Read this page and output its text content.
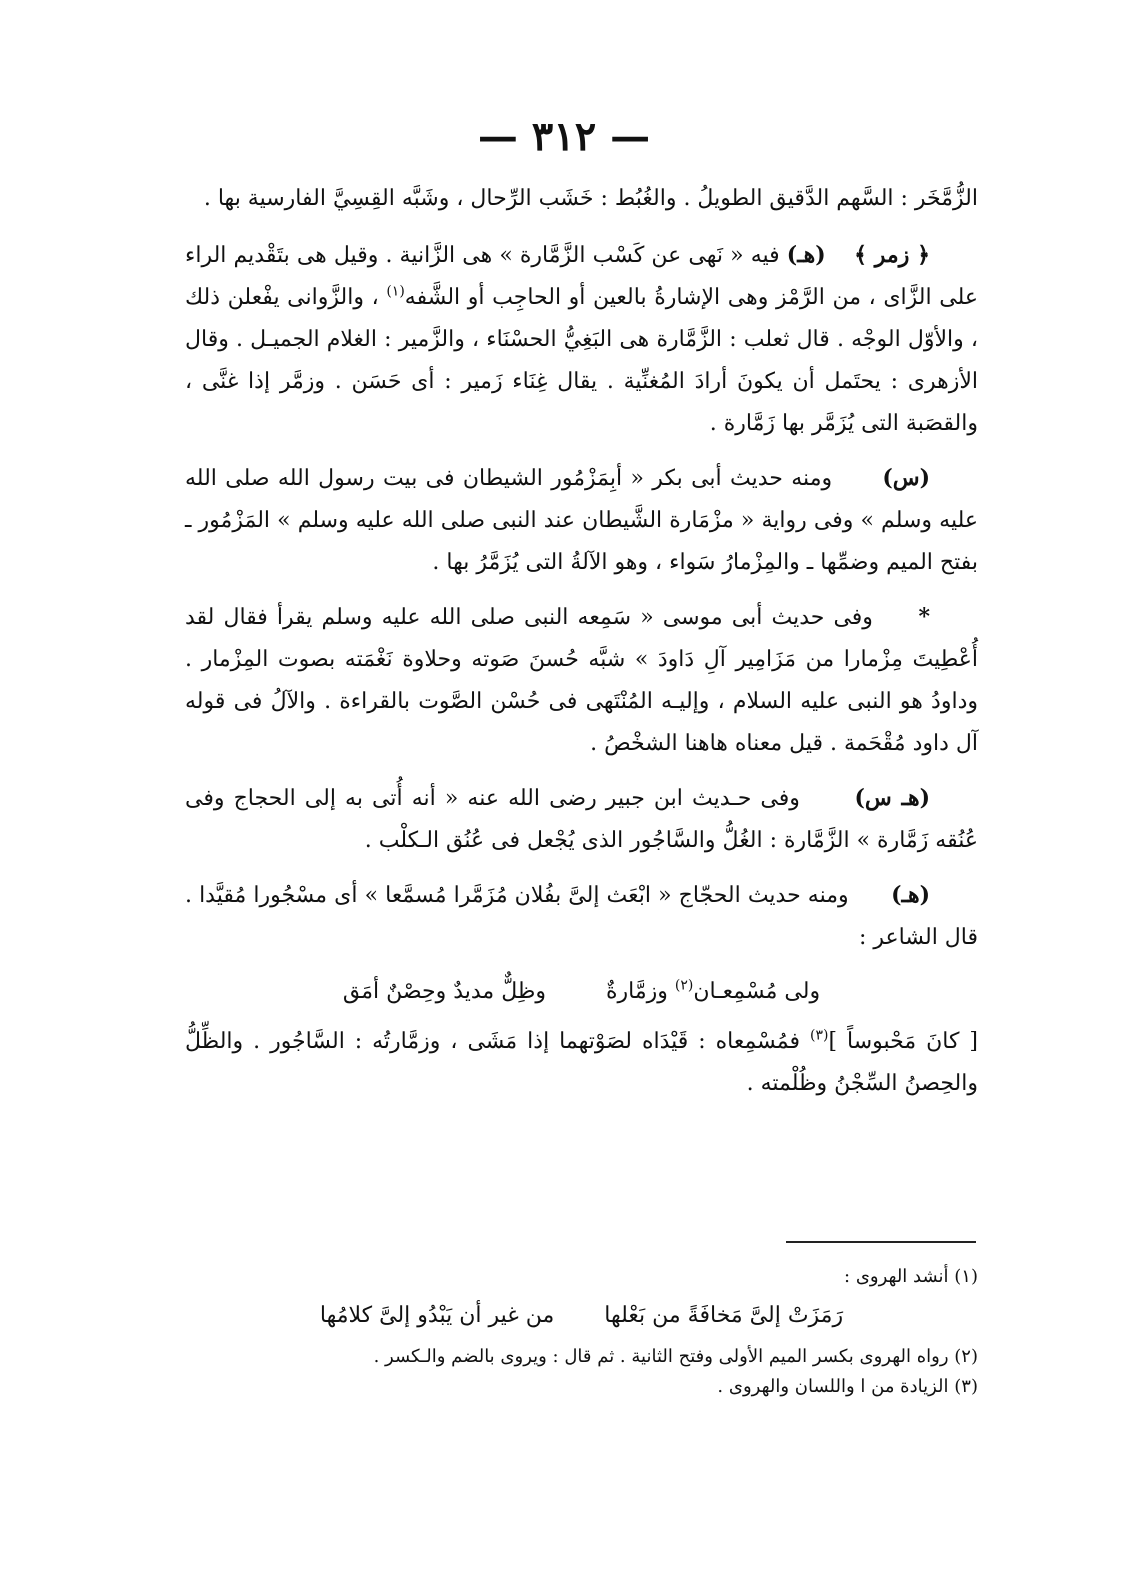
— ٣١٢ —

الزُّمَّخَر : السَّهم الدَّقيق الطويلُ . والغُبُط : خَشَب الرِّحال ، وشَبَّه القِسِيَّ الفارسية بها .

﴿ زمر ﴾    (هـ) فيه « نَهى عن كَسْب الزَّمَّارة » هى الزَّانية . وقيل هى بتَقْديم الراء على الزَّاى ، من الرَّمْز وهى الإشارةُ بالعين أو الحاجِب أو الشَّفه$^{(١)}$ ، والزَّوانى يفْعلن ذلك ، والأوّل الوجْه . قال ثعلب : الزَّمَّارة هى البَغِيُّ الحسْنَاء ، والزَّمير : الغلام الجميـل . وقال الأزهرى : يحتَمل أن يكونَ أرادَ المُغنِّية . يقال غِنَاء زَمير : أى حَسَن . وزمَّر إذا غنَّى ، والقصَبة التى يُزَمَّر بها زَمَّارة .

(س)      ومنه حديث أبى بكر « أبِمَزْمُور الشيطان فى بيت رسول الله صلى الله عليه وسلم » وفى رواية « مزْمَارة الشَّيطان عند النبى صلى الله عليه وسلم » المَزْمُور ـ بفتح الميم وضمِّها ـ والمِزْمارُ سَواء ، وهو الآلةُ التى يُزَمَّرُ بها .

*     وفى حديث أبى موسى « سَمِعه النبى صلى الله عليه وسلم يقرأ فقال لقد أُعْطِيتَ مِزْمارا من مَزَامِير آلِ دَاودَ » شبَّه حُسنَ صَوته وحلاوة نَغْمَته بصوت المِزْمار . وداودُ هو النبى عليه السلام ، وإليـه المُنْتَهى فى حُسْن الصَّوت بالقراءة . والآلُ فى قوله آل داود مُقْحَمة . قيل معناه هاهنا الشخْصُ .

(هـ س)      وفى حـديث ابن جبير رضى الله عنه « أنه أُتى به إلى الحجاج وفى عُنُقه زَمَّارة » الزَّمَّارة : الغُلُّ والسَّاجُور الذى يُجْعل فى عُنُق الـكلْب .

(هـ)      ومنه حديث الحجّاج « ابْعَث إلىَّ بفُلان مُزَمَّرا مُسمَّعا » أى مسْجُورا مُقيَّدا . قال الشاعر :

ولى مُسْمِعـان$^{(٢)}$ وزمَّارةٌوظِلٌّ مديدٌ وحِصْنٌ أمَق

[ كانَ مَحْبوساً ]$^{(٣)}$ فمُسْمِعاه : قَيْدَاه لصَوْتهما إذا مَشَى ، وزمَّارتُه : السَّاجُور . والظِّلُّ والحِصنُ السِّجْنُ وظُلْمته .

(١) أنشد الهروى :

رَمَزَتْ إلىَّ مَخافَةً من بَعْلهامن غير أن يَبْدُو إلىَّ كلامُها

(٢) رواه الهروى بكسر الميم الأولى وفتح الثانية . ثم قال : ويروى بالضم والـكسر .

(٣) الزيادة من ا واللسان والهروى .
